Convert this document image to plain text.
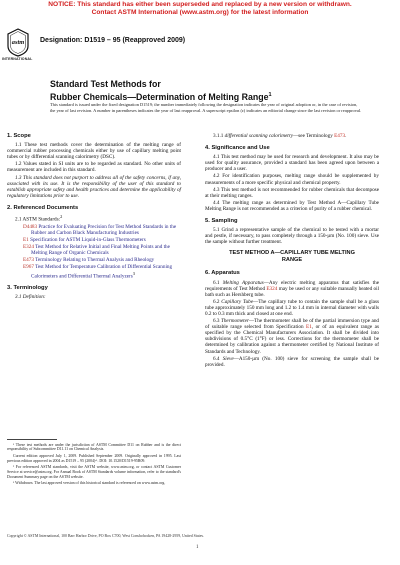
NOTICE: This standard has either been superseded and replaced by a new version or withdrawn.
Contact ASTM International (www.astm.org) for the latest information
astm
INTERNATIONAL
Designation: D1519 – 95 (Reapproved 2009)
Standard Test Methods for
Rubber Chemicals—Determination of Melting Range$^1$
This standard is issued under the fixed designation D1519; the number immediately following the designation indicates the year of original adoption or, in the case of revision, the year of last revision. A number in parentheses indicates the year of last reapproval. A superscript epsilon (ε) indicates an editorial change since the last revision or reapproval.
1. Scope

1.1 These test methods cover the determination of the melting range of commercial rubber processing chemicals either by use of capillary melting point tubes or by differential scanning calorimetry (DSC).

1.2 Values stated in SI units are to be regarded as standard. No other units of measurement are included in this standard.

1.3 This standard does not purport to address all of the safety concerns, if any, associated with its use. It is the responsibility of the user of this standard to establish appropriate safety and health practices and determine the applicability of regulatory limitations prior to use.

2. Referenced Documents
2.1 ASTM Standards:$^2$
D4483 Practice for Evaluating Precision for Test Method Standards in the Rubber and Carbon Black Manufacturing Industries
E1 Specification for ASTM Liquid-in-Glass Thermometers
E324 Test Method for Relative Initial and Final Melting Points and the Melting Range of Organic Chemicals
E473 Terminology Relating to Thermal Analysis and Rheology
E967 Test Method for Temperature Calibration of Differential Scanning Calorimeters and Differential Thermal Analyzers$^3$
3. Terminology

3.1 Definition:

¹ These test methods are under the jurisdiction of ASTM Committee D11 on Rubber and is the direct responsibility of Subcommittee D11.11 on Chemical Analysis.

Current edition approved July 1, 2009. Published September 2009. Originally approved in 1995. Last previous edition approved in 2004 as D1519 – 95 (2004)ᵉ¹. DOI: 10.1520/D1519-95R09.

² For referenced ASTM standards, visit the ASTM website, www.astm.org, or contact ASTM Customer Service at service@astm.org. For Annual Book of ASTM Standards volume information, refer to the standard's Document Summary page on the ASTM website.

³ Withdrawn. The last approved version of this historical standard is referenced on www.astm.org.

3.1.1 differential scanning calorimetry—see Terminology E473.

4. Significance and Use

4.1 This test method may be used for research and development. It also may be used for quality assurance, provided a standard has been agreed upon between a producer and a user.

4.2 For identification purposes, melting range should be supplemented by measurements of a more specific physical and chemical property.

4.3 This test method is not recommended for rubber chemicals that decompose at their melting ranges.

4.4 The melting range as determined by Test Method A—Capillary Tube Melting Range is not recommended as a criterion of purity of a rubber chemical.

5. Sampling

5.1 Grind a representative sample of the chemical to be tested with a mortar and pestle, if necessary, to pass completely through a 150-µm (No. 100) sieve. Use the sample without further treatment.

TEST METHOD A—CAPILLARY TUBE MELTING
RANGE
6. Apparatus

6.1 Melting Apparatus—Any electric melting apparatus that satisfies the requirements of Test Method E324 may be used or any suitable manually heated oil bath such as Hershberg tube.

6.2 Capillary Tube—The capillary tube to contain the sample shall be a glass tube approximately 150 mm long and 1.2 to 1.4 mm in internal diameter with walls 0.2 to 0.3 mm thick and closed at one end.

6.3 Thermometer—The thermometer shall be of the partial immersion type and of suitable range selected from Specification E1, or of an equivalent range as specified by the Chemical Manufacturers Association. It shall be divided into subdivisions of 0.5°C (1°F) or less. Corrections for the thermometer shall be determined by calibration against a thermometer certified by National Institute of Standards and Technology.

6.4 Sieve—A150-µm (No. 100) sieve for screening the sample shall be provided.

Copyright © ASTM International, 100 Barr Harbor Drive, PO Box C700, West Conshohocken, PA 19428-2959, United States.
1
